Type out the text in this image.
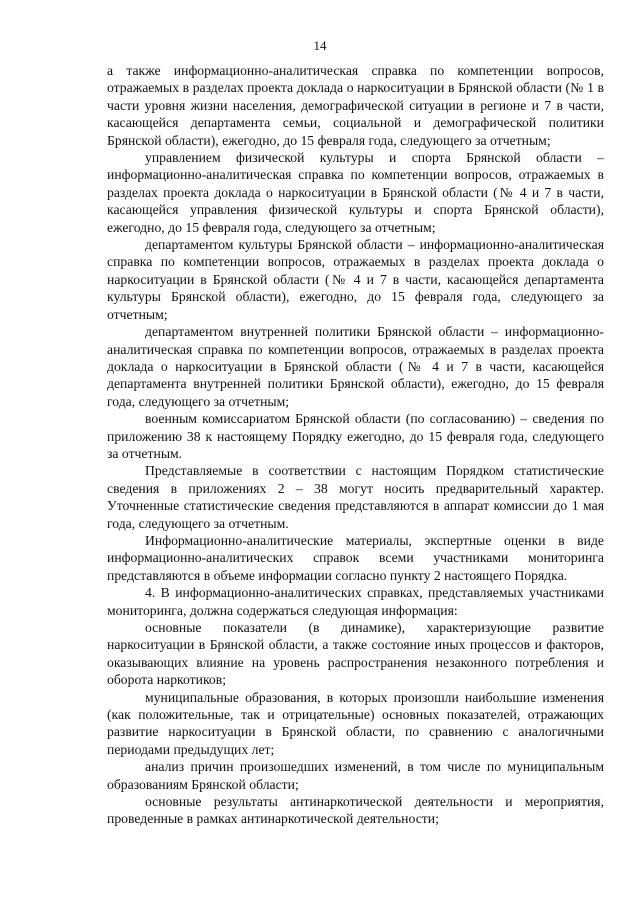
14

а также информационно-аналитическая справка по компетенции вопросов, отражаемых в разделах проекта доклада о наркоситуации в Брянской области (№ 1 в части уровня жизни населения, демографической ситуации в регионе и 7 в части, касающейся департамента семьи, социальной и демографической политики Брянской области), ежегодно, до 15 февраля года, следующего за отчетным;

управлением физической культуры и спорта Брянской области – информационно-аналитическая справка по компетенции вопросов, отражаемых в разделах проекта доклада о наркоситуации в Брянской области (№ 4 и 7 в части, касающейся управления физической культуры и спорта Брянской области), ежегодно, до 15 февраля года, следующего за отчетным;

департаментом культуры Брянской области – информационно-аналитическая справка по компетенции вопросов, отражаемых в разделах проекта доклада о наркоситуации в Брянской области (№ 4 и 7 в части, касающейся департамента культуры Брянской области), ежегодно, до 15 февраля года, следующего за отчетным;

департаментом внутренней политики Брянской области – информационно-аналитическая справка по компетенции вопросов, отражаемых в разделах проекта доклада о наркоситуации в Брянской области (№ 4 и 7 в части, касающейся департамента внутренней политики Брянской области), ежегодно, до 15 февраля года, следующего за отчетным;

военным комиссариатом Брянской области (по согласованию) – сведения по приложению 38 к настоящему Порядку ежегодно, до 15 февраля года, следующего за отчетным.

Представляемые в соответствии с настоящим Порядком статистические сведения в приложениях 2 – 38 могут носить предварительный характер. Уточненные статистические сведения представляются в аппарат комиссии до 1 мая года, следующего за отчетным.

Информационно-аналитические материалы, экспертные оценки в виде информационно-аналитических справок всеми участниками мониторинга представляются в объеме информации согласно пункту 2 настоящего Порядка.

4. В информационно-аналитических справках, представляемых участниками мониторинга, должна содержаться следующая информация:

основные показатели (в динамике), характеризующие развитие наркоситуации в Брянской области, а также состояние иных процессов и факторов, оказывающих влияние на уровень распространения незаконного потребления и оборота наркотиков;

муниципальные образования, в которых произошли наибольшие изменения (как положительные, так и отрицательные) основных показателей, отражающих развитие наркоситуации в Брянской области, по сравнению с аналогичными периодами предыдущих лет;

анализ причин произошедших изменений, в том числе по муниципальным образованиям Брянской области;

основные результаты антинаркотической деятельности и мероприятия, проведенные в рамках антинаркотической деятельности;
